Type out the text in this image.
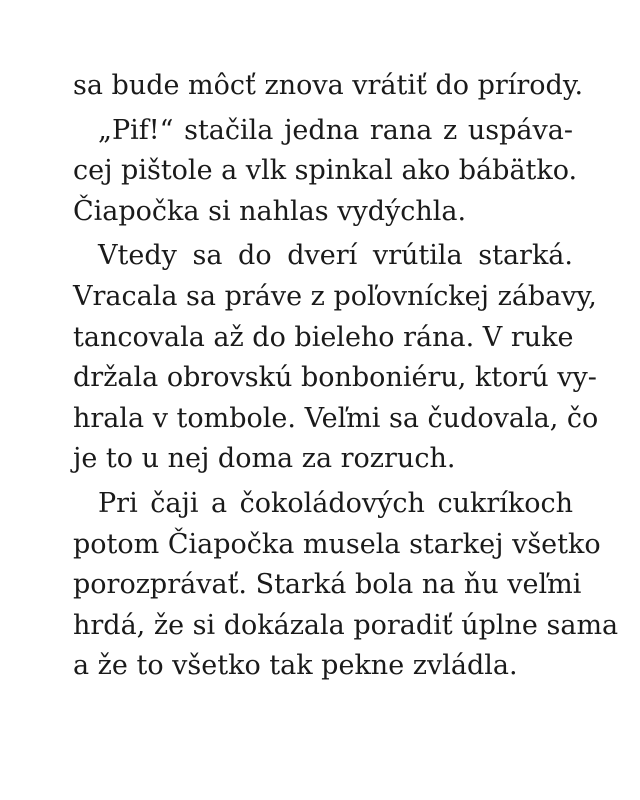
sa bude môcť znova vrátiť do prírody.
„Pif!“ stačila jedna rana z uspáva-
cej pištole a vlk spinkal ako bábätko.
Čiapočka si nahlas vydýchla.
Vtedy sa do dverí vrútila starká.
Vracala sa práve z poľovníckej zábavy,
tancovala až do bieleho rána. V ruke
držala obrovskú bonboniéru, ktorú vy-
hrala v tombole. Veľmi sa čudovala, čo
je to u nej doma za rozruch.
Pri čaji a čokoládových cukríkoch
potom Čiapočka musela starkej všetko
porozprávať. Starká bola na ňu veľmi
hrdá, že si dokázala poradiť úplne sama
a že to všetko tak pekne zvládla.
